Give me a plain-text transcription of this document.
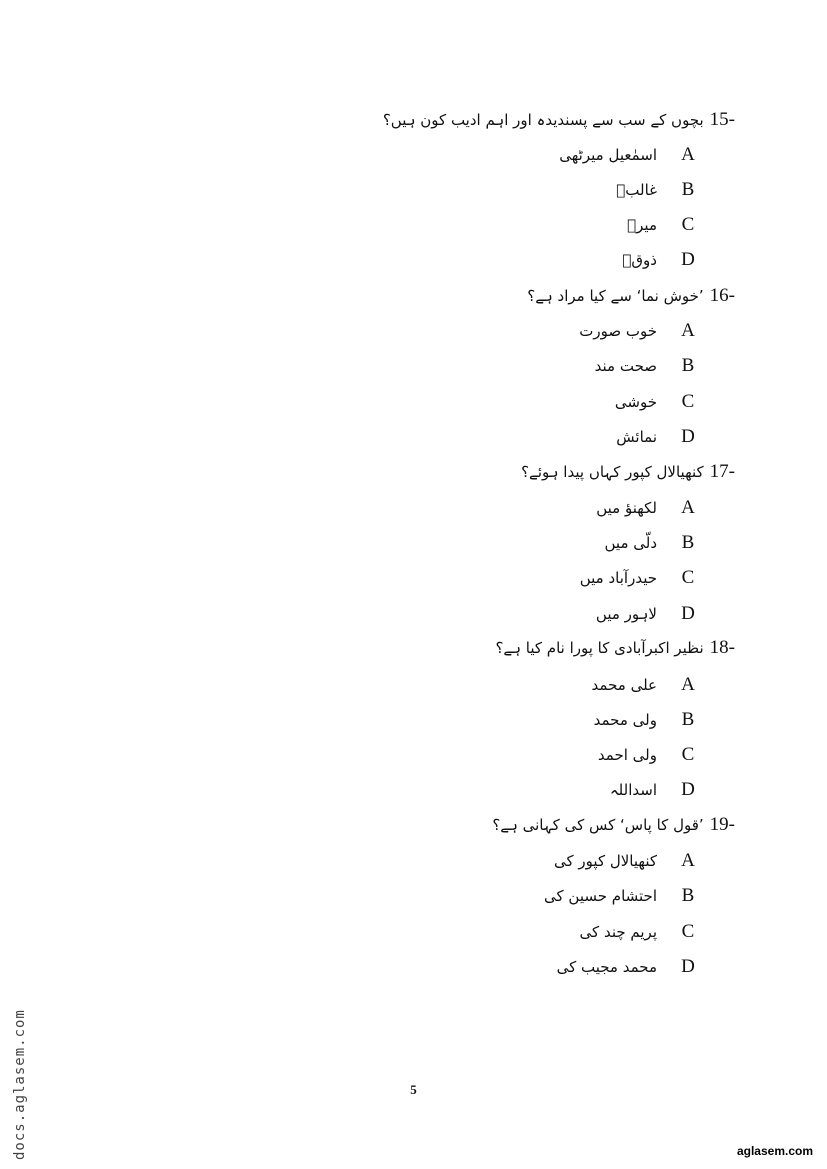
15-
بچوں کے سب سے پسندیدہ اور اہم ادیب کون ہیں؟
A
اسمٰعیل میرٹھی
B
غالبؔ
C
میرؔ
D
ذوقؔ
16-
’خوش نما‘ سے کیا مراد ہے؟
A
خوب صورت
B
صحت مند
C
خوشی
D
نمائش
17-
کنھیالال کپور کہاں پیدا ہوئے؟
A
لکھنؤ میں
B
دلّی میں
C
حیدرآباد میں
D
لاہور میں
18-
نظیر اکبرآبادی کا پورا نام کیا ہے؟
A
علی محمد
B
ولی محمد
C
ولی احمد
D
اسداللہ
19-
’قول کا پاس‘ کس کی کہانی ہے؟
A
کنھیالال کپور کی
B
احتشام حسین کی
C
پریم چند کی
D
محمد مجیب کی
5
docs.aglasem.com	aglasem.com
